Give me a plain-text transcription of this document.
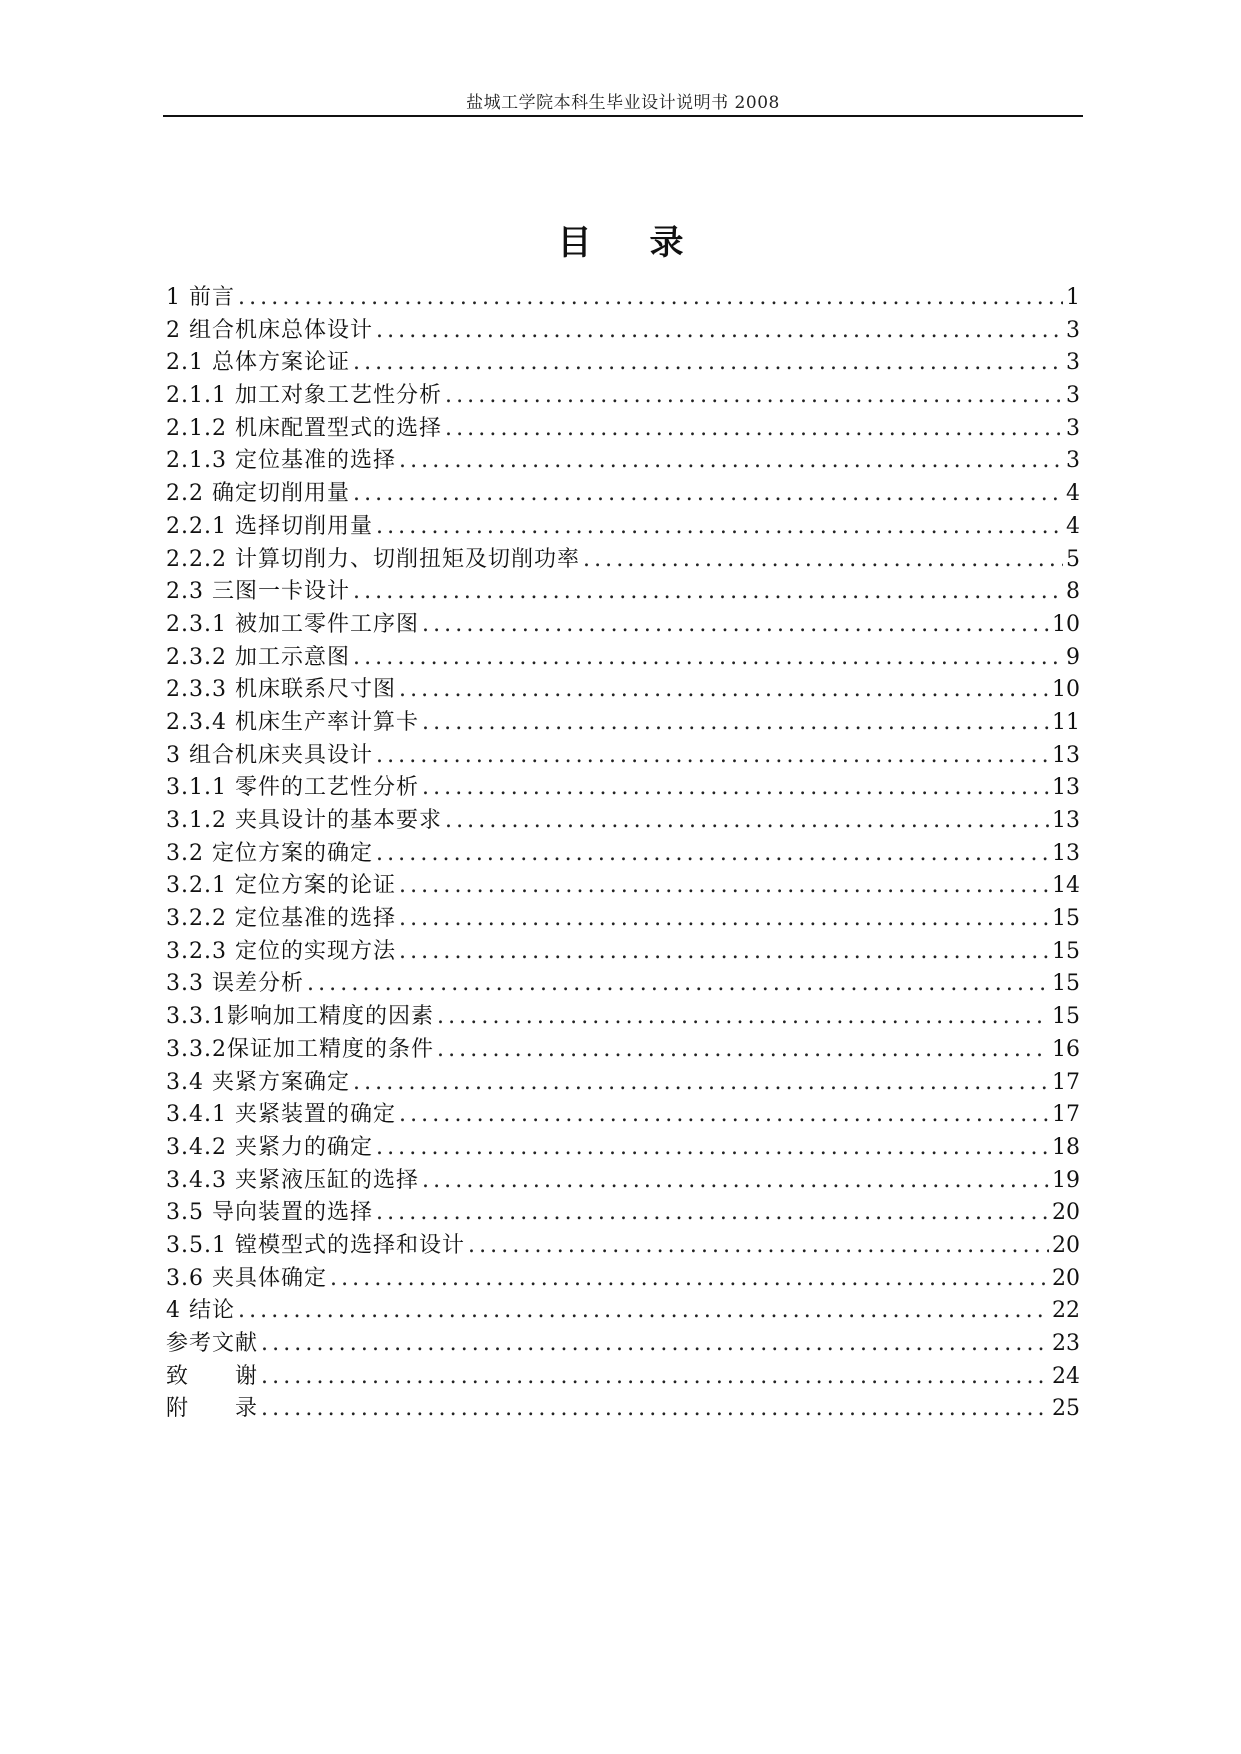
盐城工学院本科生毕业设计说明书 2008
目录
1 前言 .....	1
2 组合机床总体设计 .....	3
2.1 总体方案论证 .....	3
2.1.1 加工对象工艺性分析 .....	3
2.1.2 机床配置型式的选择 .....	3
2.1.3 定位基准的选择 .....	3
2.2 确定切削用量 .....	4
2.2.1 选择切削用量 .....	4
2.2.2 计算切削力、切削扭矩及切削功率 .....	5
2.3 三图一卡设计 .....	8
2.3.1 被加工零件工序图 .....	10
2.3.2 加工示意图 .....	9
2.3.3 机床联系尺寸图 .....	10
2.3.4 机床生产率计算卡 .....	11
3 组合机床夹具设计 .....	13
3.1.1 零件的工艺性分析 .....	13
3.1.2 夹具设计的基本要求 .....	13
3.2 定位方案的确定 .....	13
3.2.1 定位方案的论证 .....	14
3.2.2 定位基准的选择 .....	15
3.2.3 定位的实现方法 .....	15
3.3 误差分析 .....	15
3.3.1影响加工精度的因素 .....	15
3.3.2保证加工精度的条件 .....	16
3.4 夹紧方案确定 .....	17
3.4.1 夹紧装置的确定 .....	17
3.4.2 夹紧力的确定 .....	18
3.4.3 夹紧液压缸的选择 .....	19
3.5 导向装置的选择 .....	20
3.5.1 镗模型式的选择和设计 .....	20
3.6 夹具体确定 .....	20
4 结论 .....	22
参考文献 .....	23
致　　谢 .....	24
附　　录 .....	25
